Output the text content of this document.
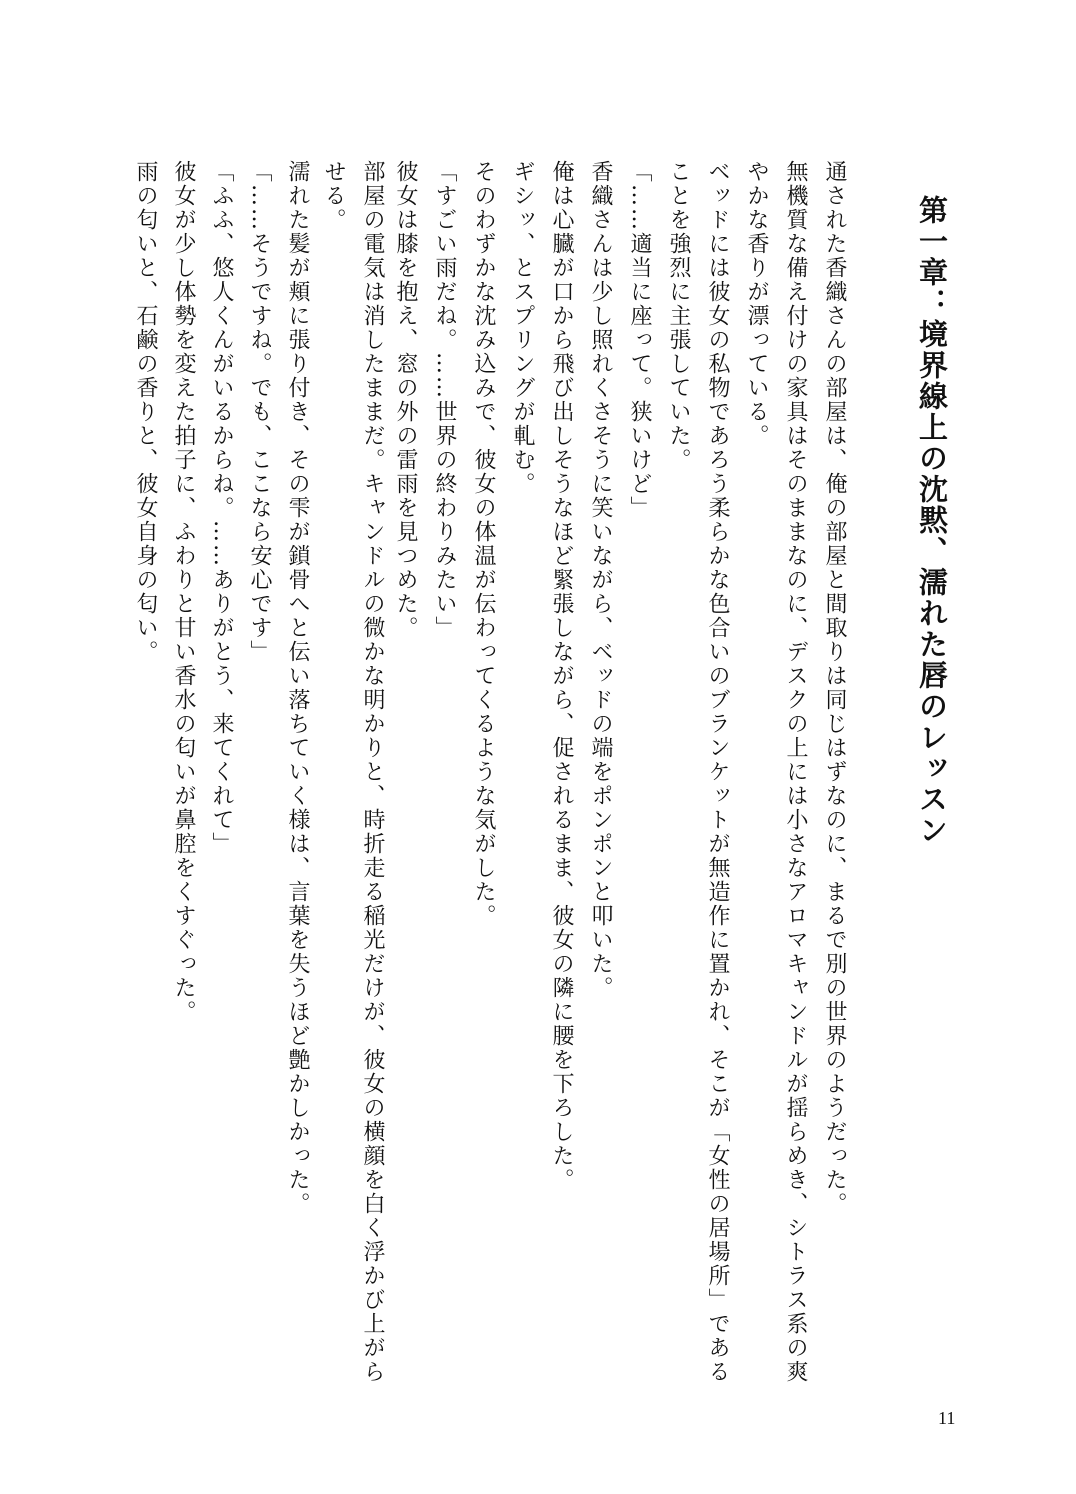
第一章：境界線上の沈黙、濡れた唇のレッスン
通された香織さんの部屋は、俺の部屋と間取りは同じはずなのに、まるで別の世界のようだった。
無機質な備え付けの家具はそのままなのに、デスクの上には小さなアロマキャンドルが揺らめき、シトラス系の爽
やかな香りが漂っている。
ベッドには彼女の私物であろう柔らかな色合いのブランケットが無造作に置かれ、そこが「女性の居場所」である
ことを強烈に主張していた。
「……適当に座って。狭いけど」
香織さんは少し照れくさそうに笑いながら、ベッドの端をポンポンと叩いた。
俺は心臓が口から飛び出しそうなほど緊張しながら、促されるまま、彼女の隣に腰を下ろした。
ギシッ、とスプリングが軋む。
そのわずかな沈み込みで、彼女の体温が伝わってくるような気がした。
「すごい雨だね。……世界の終わりみたい」
彼女は膝を抱え、窓の外の雷雨を見つめた。
部屋の電気は消したままだ。キャンドルの微かな明かりと、時折走る稲光だけが、彼女の横顔を白く浮かび上がら
せる。
濡れた髪が頬に張り付き、その雫が鎖骨へと伝い落ちていく様は、言葉を失うほど艶かしかった。
「……そうですね。でも、ここなら安心です」
「ふふ、悠人くんがいるからね。……ありがとう、来てくれて」
彼女が少し体勢を変えた拍子に、ふわりと甘い香水の匂いが鼻腔をくすぐった。
雨の匂いと、石鹸の香りと、彼女自身の匂い。
11
